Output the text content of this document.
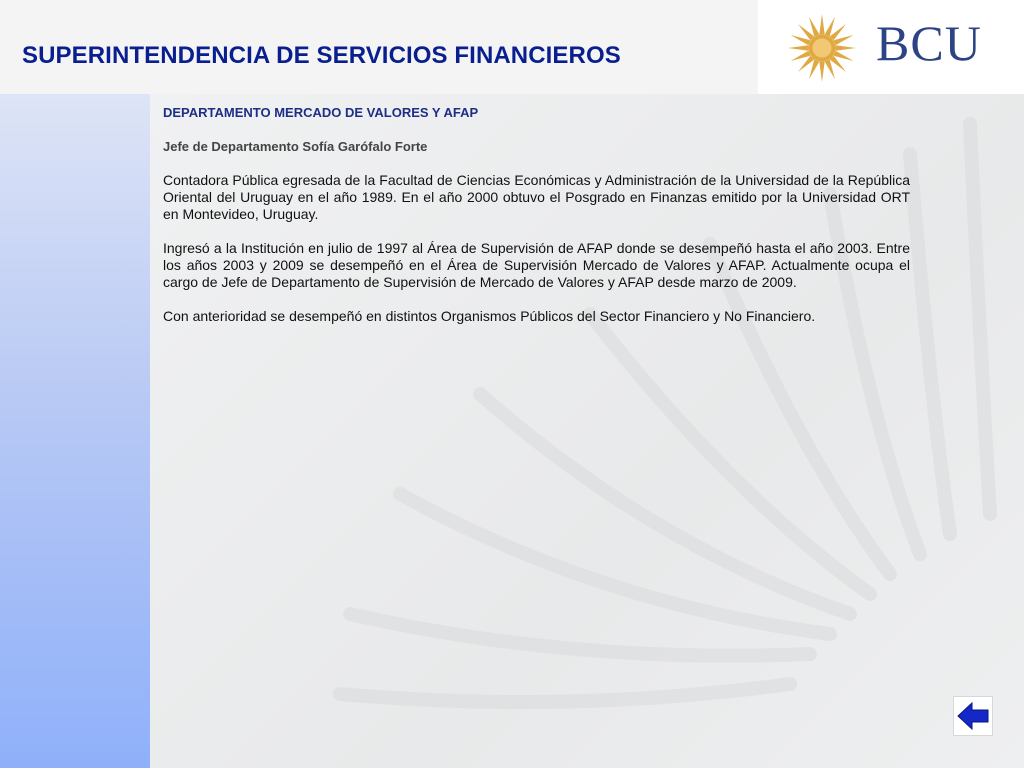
SUPERINTENDENCIA DE SERVICIOS FINANCIEROS	BCU
DEPARTAMENTO MERCADO DE VALORES Y AFAP
Jefe de Departamento Sofía Garófalo Forte
Contadora Pública egresada de la Facultad de Ciencias Económicas y Administración de la Universidad de la República Oriental del Uruguay en el año 1989. En el año 2000 obtuvo el Posgrado en Finanzas emitido por la Universidad ORT en Montevideo, Uruguay.
Ingresó a la Institución en julio de 1997 al Área de Supervisión de AFAP donde se desempeñó hasta el año 2003. Entre los años 2003 y 2009 se desempeñó en el Área de Supervisión Mercado de Valores y AFAP. Actualmente ocupa el cargo de Jefe de Departamento de Supervisión de Mercado de Valores y AFAP desde marzo de 2009.
Con anterioridad se desempeñó en distintos Organismos Públicos del Sector Financiero y No Financiero.
